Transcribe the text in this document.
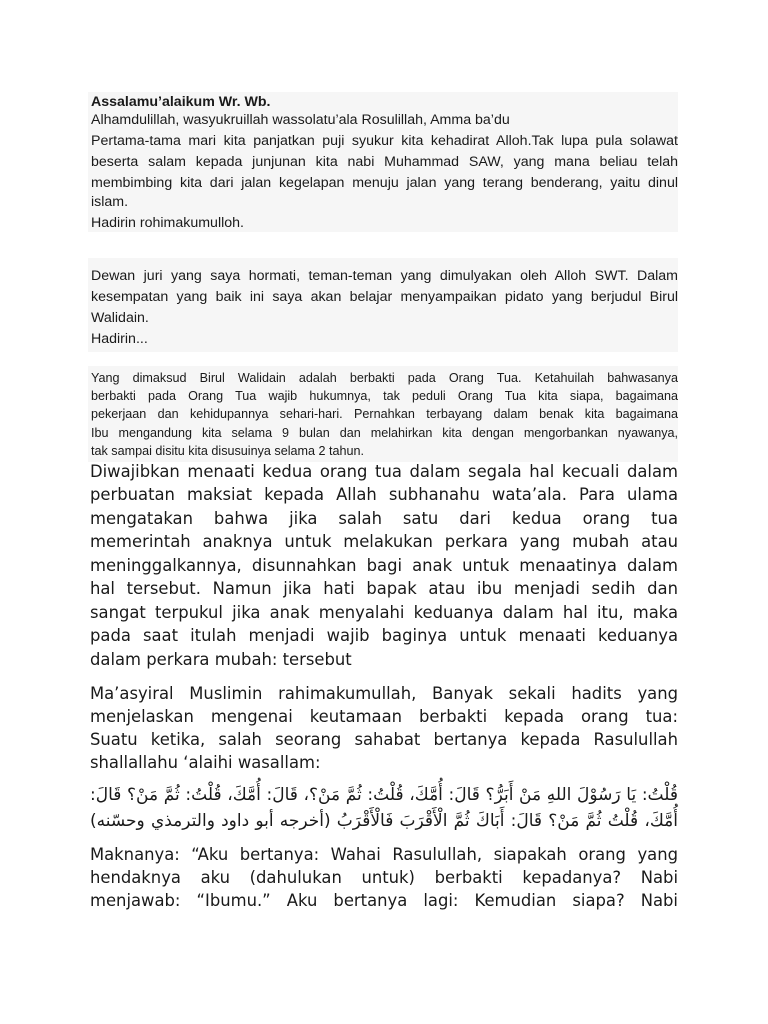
Assalamu’alaikum Wr. Wb.
Alhamdulillah, wasyukruillah wassolatu’ala Rosulillah, Amma ba’du
Pertama-tama mari kita panjatkan puji syukur kita kehadirat Alloh.Tak lupa pula solawat
beserta salam kepada junjunan kita nabi Muhammad SAW, yang mana beliau telah
membimbing kita dari jalan kegelapan menuju jalan yang terang benderang, yaitu dinul
islam.
Hadirin rohimakumulloh.
Dewan juri yang saya hormati, teman-teman yang dimulyakan oleh Alloh SWT. Dalam
kesempatan yang baik ini saya akan belajar menyampaikan pidato yang berjudul Birul
Walidain.
Hadirin...
Yang dimaksud Birul Walidain adalah berbakti pada Orang Tua. Ketahuilah bahwasanya
berbakti pada Orang Tua wajib hukumnya, tak peduli Orang Tua kita siapa, bagaimana
pekerjaan dan kehidupannya sehari-hari. Pernahkan terbayang dalam benak kita bagaimana
Ibu mengandung kita selama 9 bulan dan melahirkan kita dengan mengorbankan nyawanya,
tak sampai disitu kita disusuinya selama 2 tahun.
Diwajibkan menaati kedua orang tua dalam segala hal kecuali dalam
perbuatan maksiat kepada Allah subhanahu wata’ala. Para ulama
mengatakan bahwa jika salah satu dari kedua orang tua
memerintah anaknya untuk melakukan perkara yang mubah atau
meninggalkannya, disunnahkan bagi anak untuk menaatinya dalam
hal tersebut. Namun jika hati bapak atau ibu menjadi sedih dan
sangat terpukul jika anak menyalahi keduanya dalam hal itu, maka
pada saat itulah menjadi wajib baginya untuk menaati keduanya
dalam perkara mubah: tersebut
Ma’asyiral Muslimin rahimakumullah, Banyak sekali hadits yang
menjelaskan mengenai keutamaan berbakti kepada orang tua:
Suatu ketika, salah seorang sahabat bertanya kepada Rasulullah
shallallahu ‘alaihi wasallam:
قُلْتُ: يَا رَسُوْلَ اللهِ مَنْ أَبَرُّ؟ قَالَ: أُمَّكَ، قُلْتُ: ثُمَّ مَنْ؟، قَالَ: أُمَّكَ، قُلْتُ: ثُمَّ مَنْ؟ قَالَ:
أُمَّكَ، قُلْتُ ثُمَّ مَنْ؟ قَالَ: أَبَاكَ ثُمَّ الْأَقْرَبَ فَالْأَقْرَبُ (أخرجه أبو داود والترمذي وحسّنه)
Maknanya: “Aku bertanya: Wahai Rasulullah, siapakah orang yang
hendaknya aku (dahulukan untuk) berbakti kepadanya? Nabi
menjawab: “Ibumu.” Aku bertanya lagi: Kemudian siapa? Nabi
